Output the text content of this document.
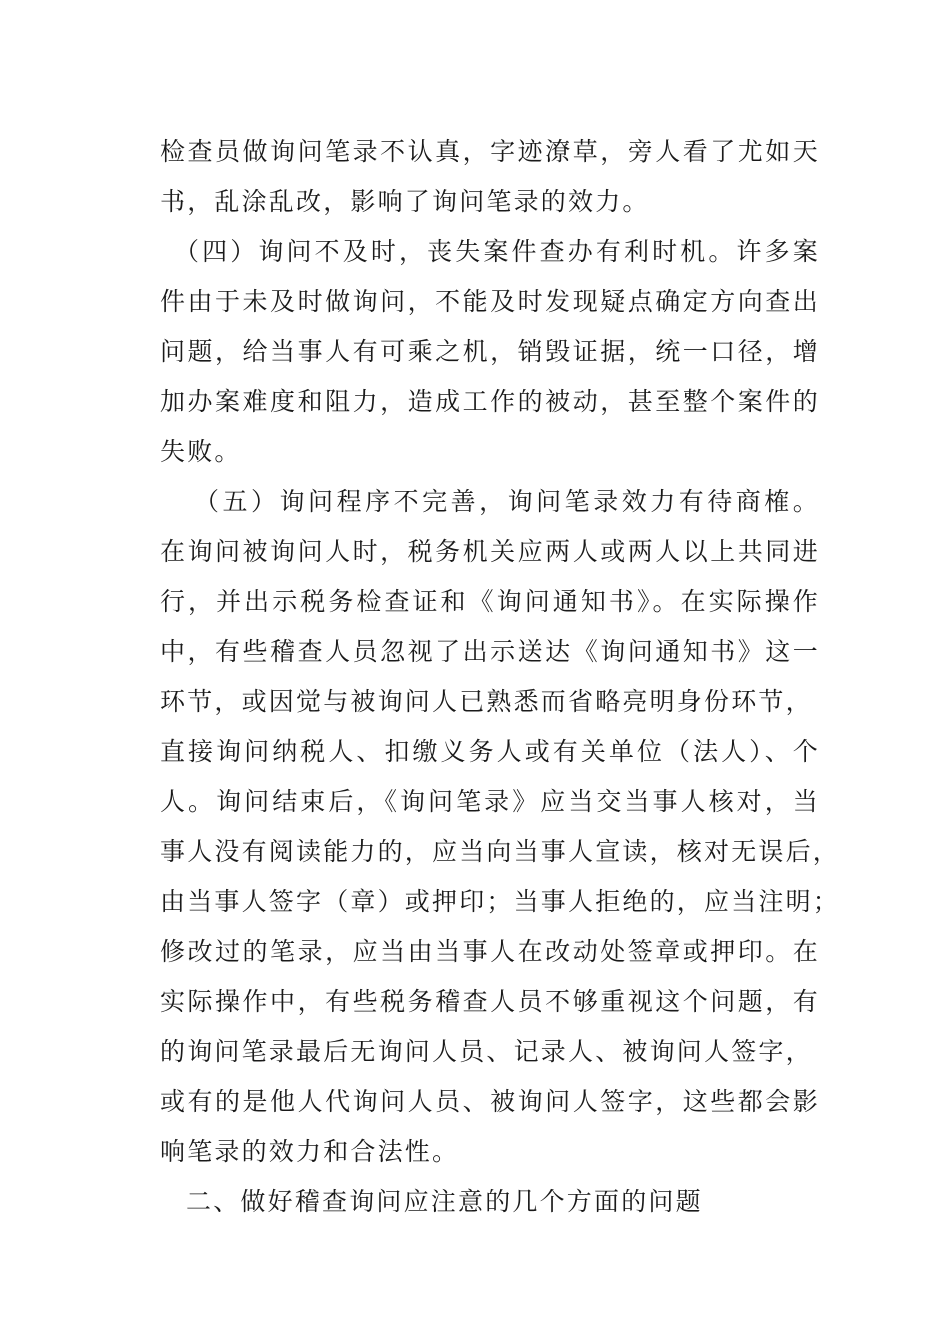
检查员做询问笔录不认真，字迹潦草，旁人看了尤如天
书，乱涂乱改，影响了询问笔录的效力。
（四）询问不及时，丧失案件查办有利时机。许多案
件由于未及时做询问，不能及时发现疑点确定方向查出
问题，给当事人有可乘之机，销毁证据，统一口径，增
加办案难度和阻力，造成工作的被动，甚至整个案件的
失败。
（五）询问程序不完善，询问笔录效力有待商榷。
在询问被询问人时，税务机关应两人或两人以上共同进
行，并出示税务检查证和《询问通知书》。在实际操作
中，有些稽查人员忽视了出示送达《询问通知书》这一
环节，或因觉与被询问人已熟悉而省略亮明身份环节，
直接询问纳税人、扣缴义务人或有关单位（法人）、个
人。询问结束后，《询问笔录》应当交当事人核对，当
事人没有阅读能力的，应当向当事人宣读，核对无误后，
由当事人签字（章）或押印；当事人拒绝的，应当注明；
修改过的笔录，应当由当事人在改动处签章或押印。在
实际操作中，有些税务稽查人员不够重视这个问题，有
的询问笔录最后无询问人员、记录人、被询问人签字，
或有的是他人代询问人员、被询问人签字，这些都会影
响笔录的效力和合法性。
二、做好稽查询问应注意的几个方面的问题
